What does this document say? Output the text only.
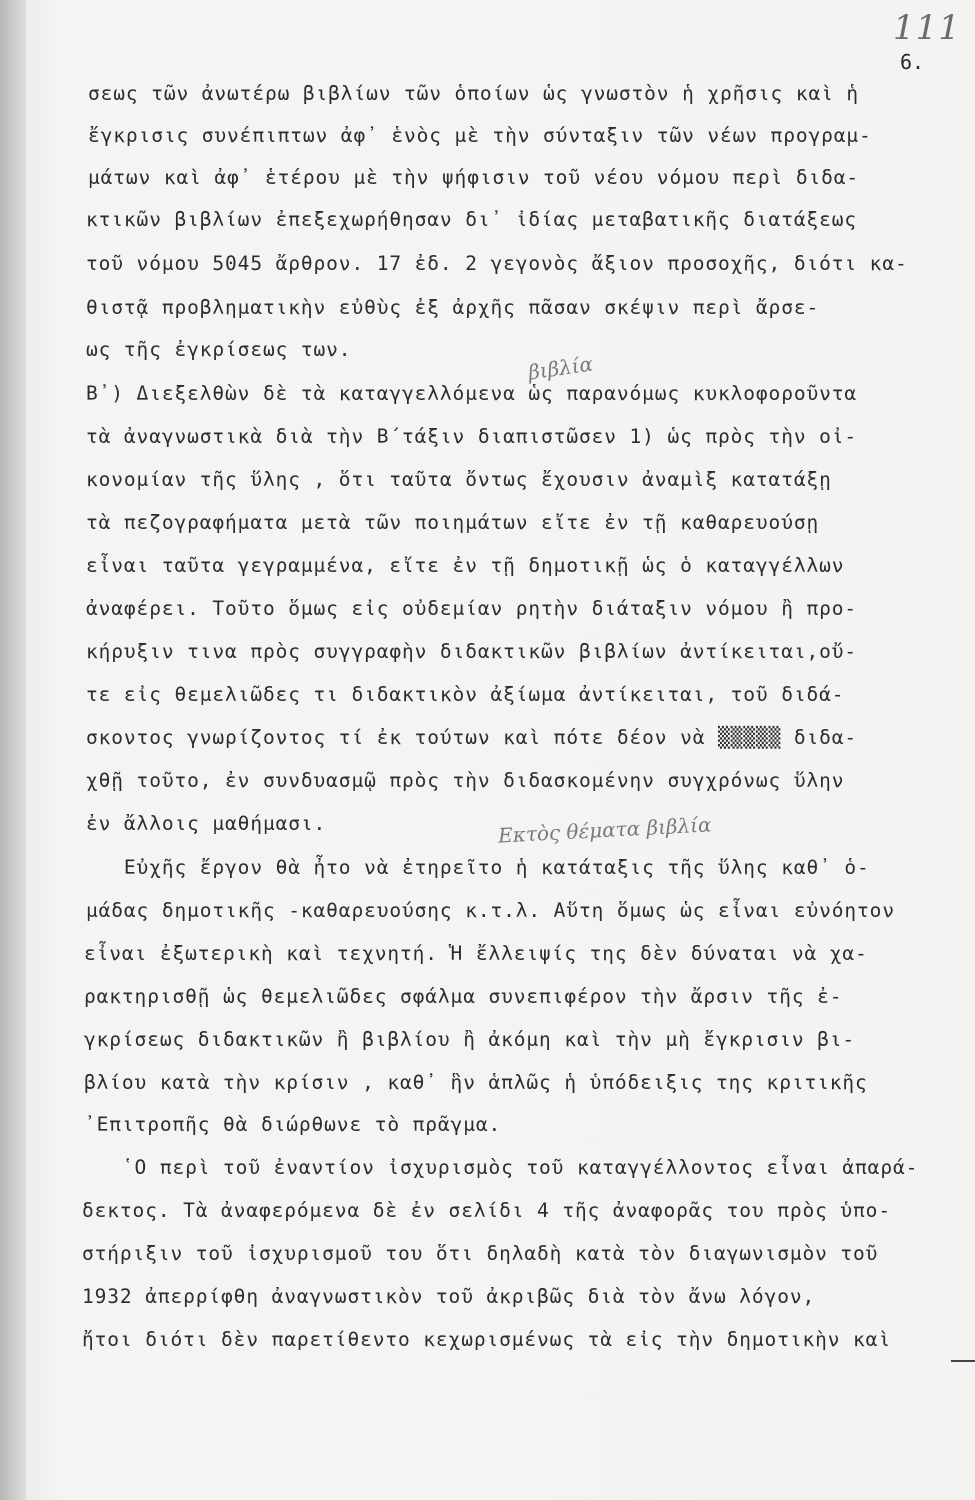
111
6.
σεως τῶν ἀνωτέρω βιβλίων τῶν ὁποίων ὡς γνωστὸν ἡ χρῆσις καὶ ἡ
ἔγκρισις συνέπιπτων ἀφ᾽ ἑνὸς μὲ τὴν σύνταξιν τῶν νέων προγραμ-
μάτων καὶ ἀφ᾽ ἑτέρου μὲ τὴν ψήφισιν τοῦ νέου νόμου περὶ διδα-
κτικῶν βιβλίων ἐπεξεχωρήθησαν δι᾽ ἰδίας μεταβατικῆς διατάξεως
τοῦ νόμου 5045 ἄρθρον. 17 ἐδ. 2 γεγονὸς ἄξιον προσοχῆς, διότι κα-
θιστᾷ προβληματικὴν εὐθὺς ἐξ ἀρχῆς πᾶσαν σκέψιν περὶ ἄρσε-
ως τῆς ἐγκρίσεως των.
Β᾽) Διεξελθὼν δὲ τὰ καταγγελλόμενα ὡς παρανόμως κυκλοφοροῦντα
τὰ ἀναγνωστικὰ διὰ τὴν Β΄τάξιν διαπιστῶσεν 1) ὡς πρὸς τὴν οἰ-
κονομίαν τῆς ὕλης , ὅτι ταῦτα ὄντως ἔχουσιν ἀναμὶξ κατατάξῃ
τὰ πεζογραφήματα μετὰ τῶν ποιημάτων εἴτε ἐν τῇ καθαρευούσῃ
εἶναι ταῦτα γεγραμμένα, εἴτε ἐν τῇ δημοτικῇ ὡς ὁ καταγγέλλων
ἀναφέρει. Τοῦτο ὅμως εἰς οὐδεμίαν ρητὴν διάταξιν νόμου ἢ προ-
κήρυξιν τινα πρὸς συγγραφὴν διδακτικῶν βιβλίων ἀντίκειται,οὔ-
τε εἰς θεμελιῶδες τι διδακτικὸν ἀξίωμα ἀντίκειται, τοῦ διδά-
σκοντος γνωρίζοντος τί ἐκ τούτων καὶ πότε δέον νὰ ▒▒▒▒▒ διδα-
χθῇ τοῦτο, ἐν συνδυασμῷ πρὸς τὴν διδασκομένην συγχρόνως ὕλην
ἐν ἄλλοις μαθήμασι.
Εὐχῆς ἔργον θὰ ἦτο νὰ ἐτηρεῖτο ἡ κατάταξις τῆς ὕλης καθ᾽ ὁ-
μάδας δημοτικῆς -καθαρευούσης κ.τ.λ. Αὕτη ὅμως ὡς εἶναι εὐνόητον
εἶναι ἐξωτερικὴ καὶ τεχνητή. Ἡ ἔλλειψίς της δὲν δύναται νὰ χα-
ρακτηρισθῇ ὡς θεμελιῶδες σφάλμα συνεπιφέρον τὴν ἄρσιν τῆς ἐ-
γκρίσεως διδακτικῶν ἢ βιβλίου ἢ ἀκόμη καὶ τὴν μὴ ἔγκρισιν βι-
βλίου κατὰ τὴν κρίσιν , καθ᾽ ἣν ἁπλῶς ἡ ὑπόδειξις της κριτικῆς
᾽Επιτροπῆς θὰ διώρθωνε τὸ πρᾶγμα.
῾Ο περὶ τοῦ ἐναντίον ἰσχυρισμὸς τοῦ καταγγέλλοντος εἶναι ἀπαρά-
δεκτος. Τὰ ἀναφερόμενα δὲ ἐν σελίδι 4 τῆς ἀναφορᾶς του πρὸς ὑπο-
στήριξιν τοῦ ἰσχυρισμοῦ του ὅτι δηλαδὴ κατὰ τὸν διαγωνισμὸν τοῦ
1932 ἀπερρίφθη ἀναγνωστικὸν τοῦ ἀκριβῶς διὰ τὸν ἄνω λόγον,
ἤτοι διότι δὲν παρετίθεντο κεχωρισμένως τὰ εἰς τὴν δημοτικὴν καὶ
βιβλία
Εκτὸς θέματα βιβλία
